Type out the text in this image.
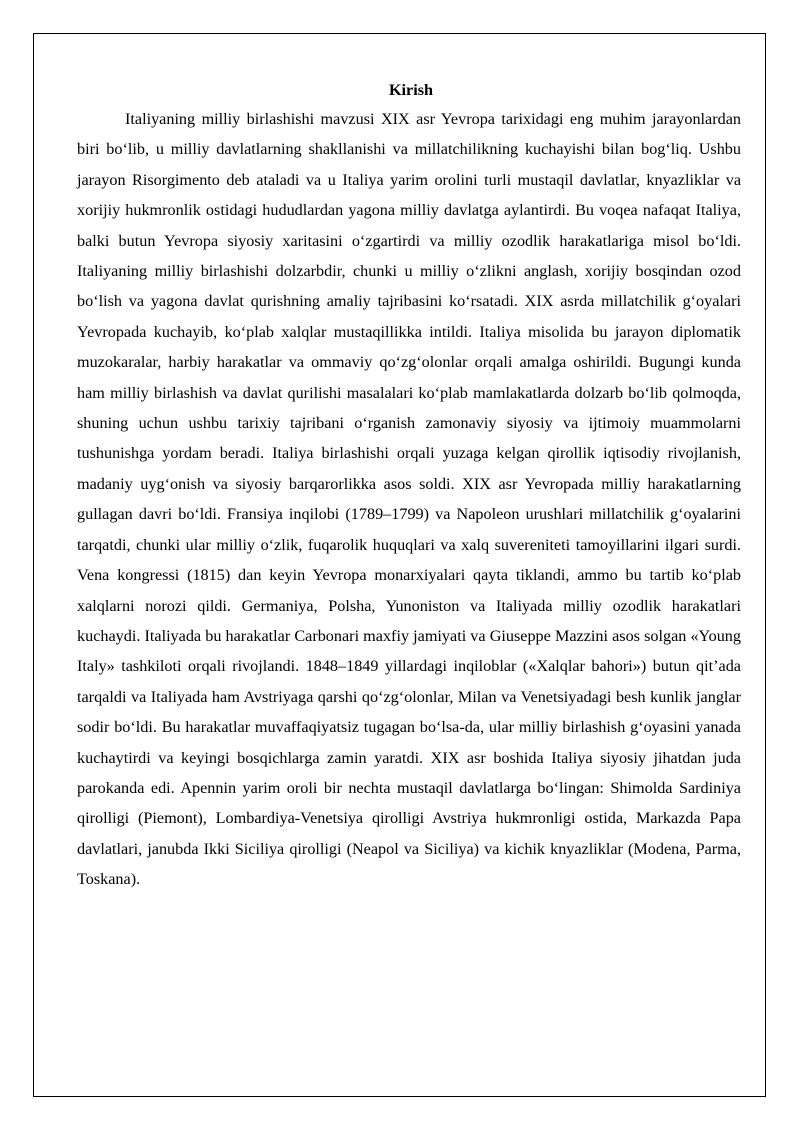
Kirish

Italiyaning milliy birlashishi mavzusi XIX asr Yevropa tarixidagi eng muhim jarayonlardan biri bo‘lib, u milliy davlatlarning shakllanishi va millatchilikning kuchayishi bilan bog‘liq. Ushbu jarayon Risorgimento deb ataladi va u Italiya yarim orolini turli mustaqil davlatlar, knyazliklar va xorijiy hukmronlik ostidagi hududlardan yagona milliy davlatga aylantirdi. Bu voqea nafaqat Italiya, balki butun Yevropa siyosiy xaritasini o‘zgartirdi va milliy ozodlik harakatlariga misol bo‘ldi. Italiyaning milliy birlashishi dolzarbdir, chunki u milliy o‘zlikni anglash, xorijiy bosqindan ozod bo‘lish va yagona davlat qurishning amaliy tajribasini ko‘rsatadi. XIX asrda millatchilik g‘oyalari Yevropada kuchayib, ko‘plab xalqlar mustaqillikka intildi. Italiya misolida bu jarayon diplomatik muzokaralar, harbiy harakatlar va ommaviy qo‘zg‘olonlar orqali amalga oshirildi. Bugungi kunda ham milliy birlashish va davlat qurilishi masalalari ko‘plab mamlakatlarda dolzarb bo‘lib qolmoqda, shuning uchun ushbu tarixiy tajribani o‘rganish zamonaviy siyosiy va ijtimoiy muammolarni tushunishga yordam beradi. Italiya birlashishi orqali yuzaga kelgan qirollik iqtisodiy rivojlanish, madaniy uyg‘onish va siyosiy barqarorlikka asos soldi. XIX asr Yevropada milliy harakatlarning gullagan davri bo‘ldi. Fransiya inqilobi (1789–1799) va Napoleon urushlari millatchilik g‘oyalarini tarqatdi, chunki ular milliy o‘zlik, fuqarolik huquqlari va xalq suvereniteti tamoyillarini ilgari surdi. Vena kongressi (1815) dan keyin Yevropa monarxiyalari qayta tiklandi, ammo bu tartib ko‘plab xalqlarni norozi qildi. Germaniya, Polsha, Yunoniston va Italiyada milliy ozodlik harakatlari kuchaydi. Italiyada bu harakatlar Carbonari maxfiy jamiyati va Giuseppe Mazzini asos solgan «Young Italy» tashkiloti orqali rivojlandi. 1848–1849 yillardagi inqiloblar («Xalqlar bahori») butun qit’ada tarqaldi va Italiyada ham Avstriyaga qarshi qo‘zg‘olonlar, Milan va Venetsiyadagi besh kunlik janglar sodir bo‘ldi. Bu harakatlar muvaffaqiyatsiz tugagan bo‘lsa-da, ular milliy birlashish g‘oyasini yanada kuchaytirdi va keyingi bosqichlarga zamin yaratdi. XIX asr boshida Italiya siyosiy jihatdan juda parokanda edi. Apennin yarim oroli bir nechta mustaqil davlatlarga bo‘lingan: Shimolda Sardiniya qirolligi (Piemont), Lombardiya-Venetsiya qirolligi Avstriya hukmronligi ostida, Markazda Papa davlatlari, janubda Ikki Siciliya qirolligi (Neapol va Siciliya) va kichik knyazliklar (Modena, Parma, Toskana).
